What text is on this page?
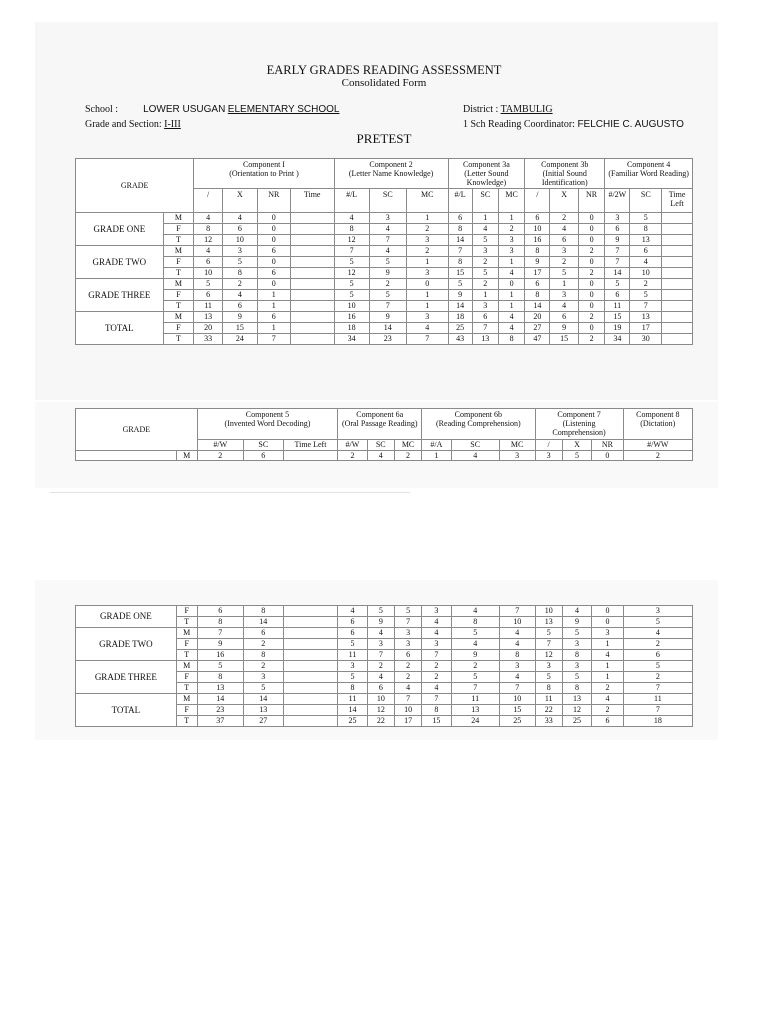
EARLY GRADES READING ASSESSMENT
Consolidated Form
School :	LOWER USUGAN ELEMENTARY SCHOOL	District : TAMBULIG
Grade and Section: I-III	1 Sch Reading Coordinator: FELCHIE C. AUGUSTO
PRETEST
GRADE		Component I
(Orientation to Print )				Component 2
(Letter Name Knowledge)			Component 3a
(Letter Sound Knowledge)			Component 3b
(Initial Sound Identification)			Component 4
(Familiar Word Reading)		
		/	X	NR	Time	#/L	SC	MC	#/L	SC	MC	/	X	NR	#/2W	SC	Time Left
GRADE ONE	M	4	4	0		4	3	1	6	1	1	6	2	0	3	5	
	F	8	6	0		8	4	2	8	4	2	10	4	0	6	8	
	T	12	10	0		12	7	3	14	5	3	16	6	0	9	13	
GRADE TWO	M	4	3	6		7	4	2	7	3	3	8	3	2	7	6	
	F	6	5	0		5	5	1	8	2	1	9	2	0	7	4	
	T	10	8	6		12	9	3	15	5	4	17	5	2	14	10	
GRADE THREE	M	5	2	0		5	2	0	5	2	0	6	1	0	5	2	
	F	6	4	1		5	5	1	9	1	1	8	3	0	6	5	
	T	11	6	1		10	7	1	14	3	1	14	4	0	11	7	
TOTAL	M	13	9	6		16	9	3	18	6	4	20	6	2	15	13	
	F	20	15	1		18	14	4	25	7	4	27	9	0	19	17	
	T	33	24	7		34	23	7	43	13	8	47	15	2	34	30	
GRADE		Component 5
(Invented Word Decoding)			Component 6a
(Oral Passage Reading)			Component 6b
(Reading Comprehension)			Component 7
(Listening Comprehension)			Component 8
(Dictation)
		#/W	SC	Time Left	#/W	SC	MC	#/A	SC	MC	/	X	NR	#/WW
	M	2	6		2	4	2	1	4	3	3	5	0	2
GRADE ONE	F	6	8		4	5	5	3	4	7	10	4	0	3
	T	8	14		6	9	7	4	8	10	13	9	0	5
GRADE TWO	M	7	6		6	4	3	4	5	4	5	5	3	4
	F	9	2		5	3	3	3	4	4	7	3	1	2
	T	16	8		11	7	6	7	9	8	12	8	4	6
GRADE THREE	M	5	2		3	2	2	2	2	3	3	3	1	5
	F	8	3		5	4	2	2	5	4	5	5	1	2
	T	13	5		8	6	4	4	7	7	8	8	2	7
TOTAL	M	14	14		11	10	7	7	11	10	11	13	4	11
	F	23	13		14	12	10	8	13	15	22	12	2	7
	T	37	27		25	22	17	15	24	25	33	25	6	18
